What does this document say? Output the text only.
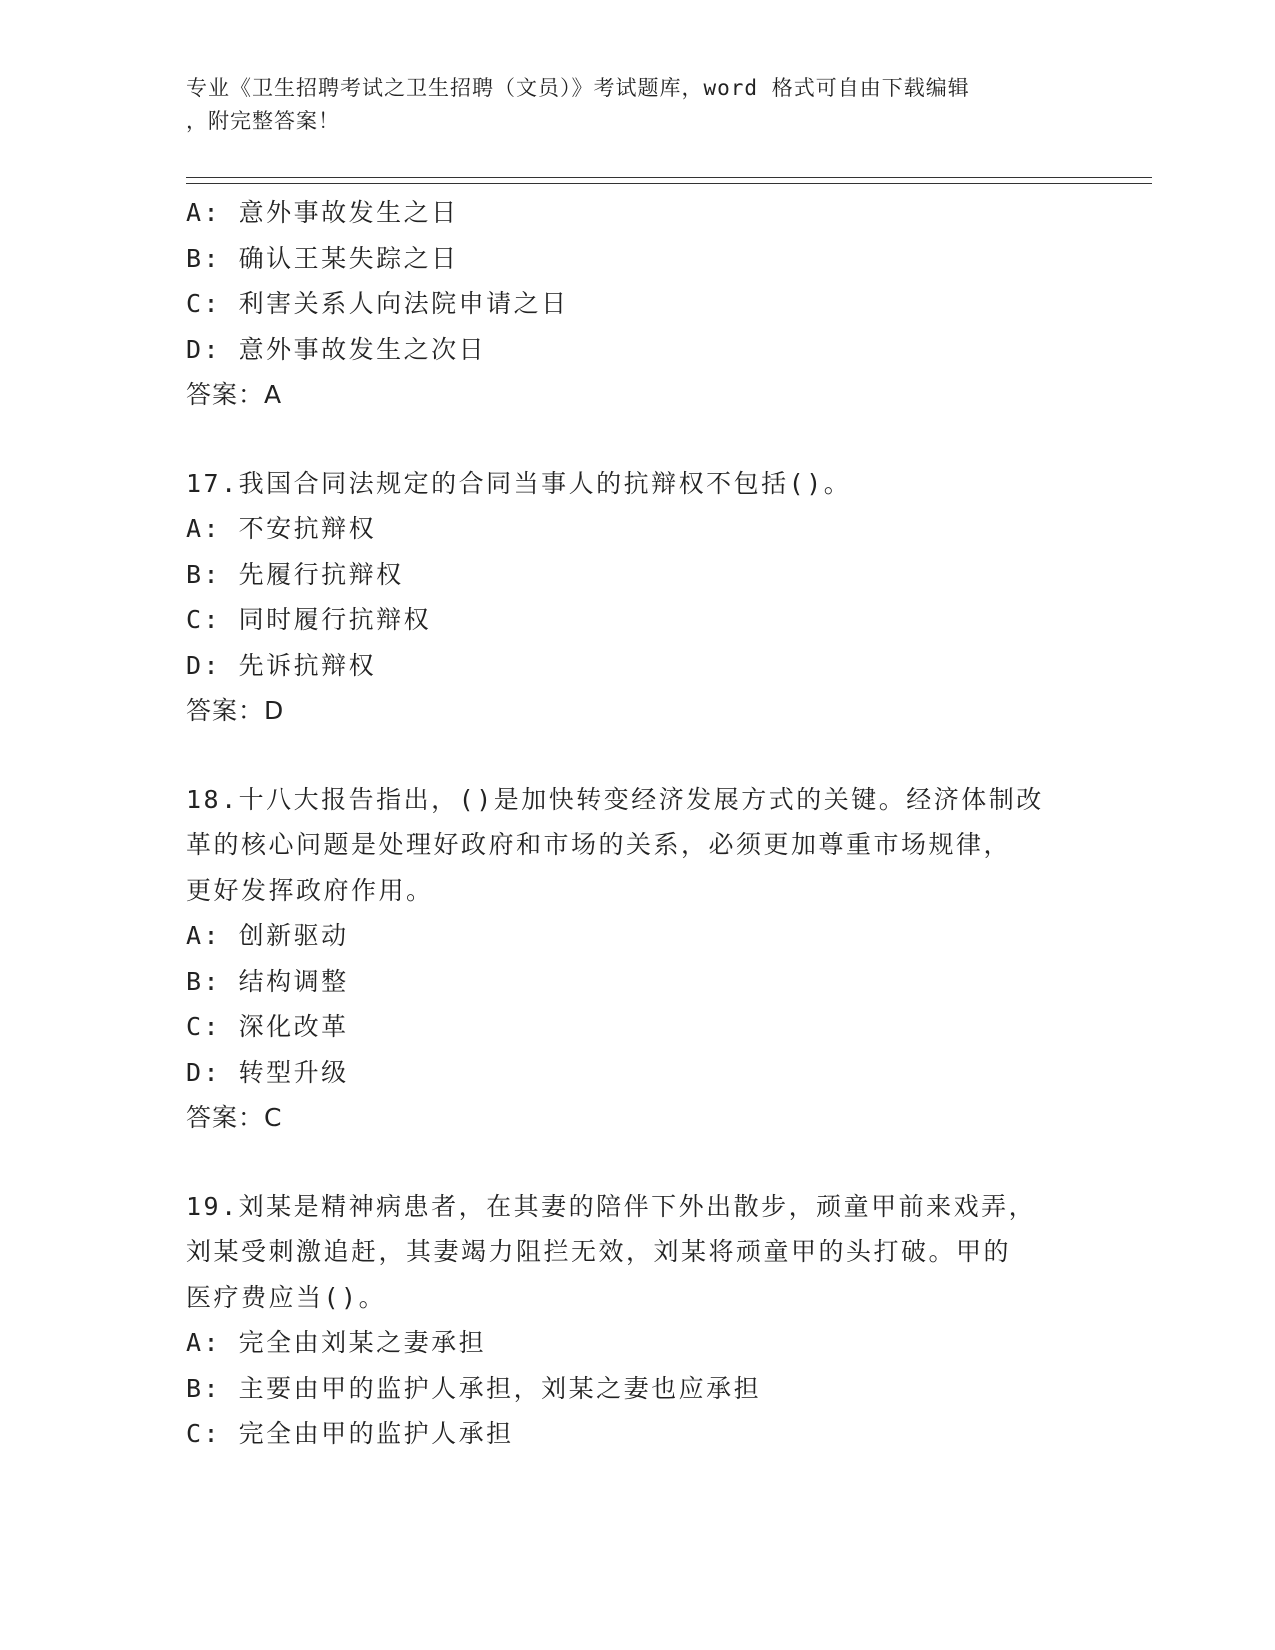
专业《卫生招聘考试之卫生招聘（文员）》考试题库，word 格式可自由下载编辑
，附完整答案！
A: 意外事故发生之日
B: 确认王某失踪之日
C: 利害关系人向法院申请之日
D: 意外事故发生之次日
答案：A
17.我国合同法规定的合同当事人的抗辩权不包括()。
A: 不安抗辩权
B: 先履行抗辩权
C: 同时履行抗辩权
D: 先诉抗辩权
答案：D
18.十八大报告指出，()是加快转变经济发展方式的关键。经济体制改
革的核心问题是处理好政府和市场的关系，必须更加尊重市场规律，
更好发挥政府作用。
A: 创新驱动
B: 结构调整
C: 深化改革
D: 转型升级
答案：C
19.刘某是精神病患者，在其妻的陪伴下外出散步，顽童甲前来戏弄，
刘某受刺激追赶，其妻竭力阻拦无效，刘某将顽童甲的头打破。甲的
医疗费应当()。
A: 完全由刘某之妻承担
B: 主要由甲的监护人承担，刘某之妻也应承担
C: 完全由甲的监护人承担
